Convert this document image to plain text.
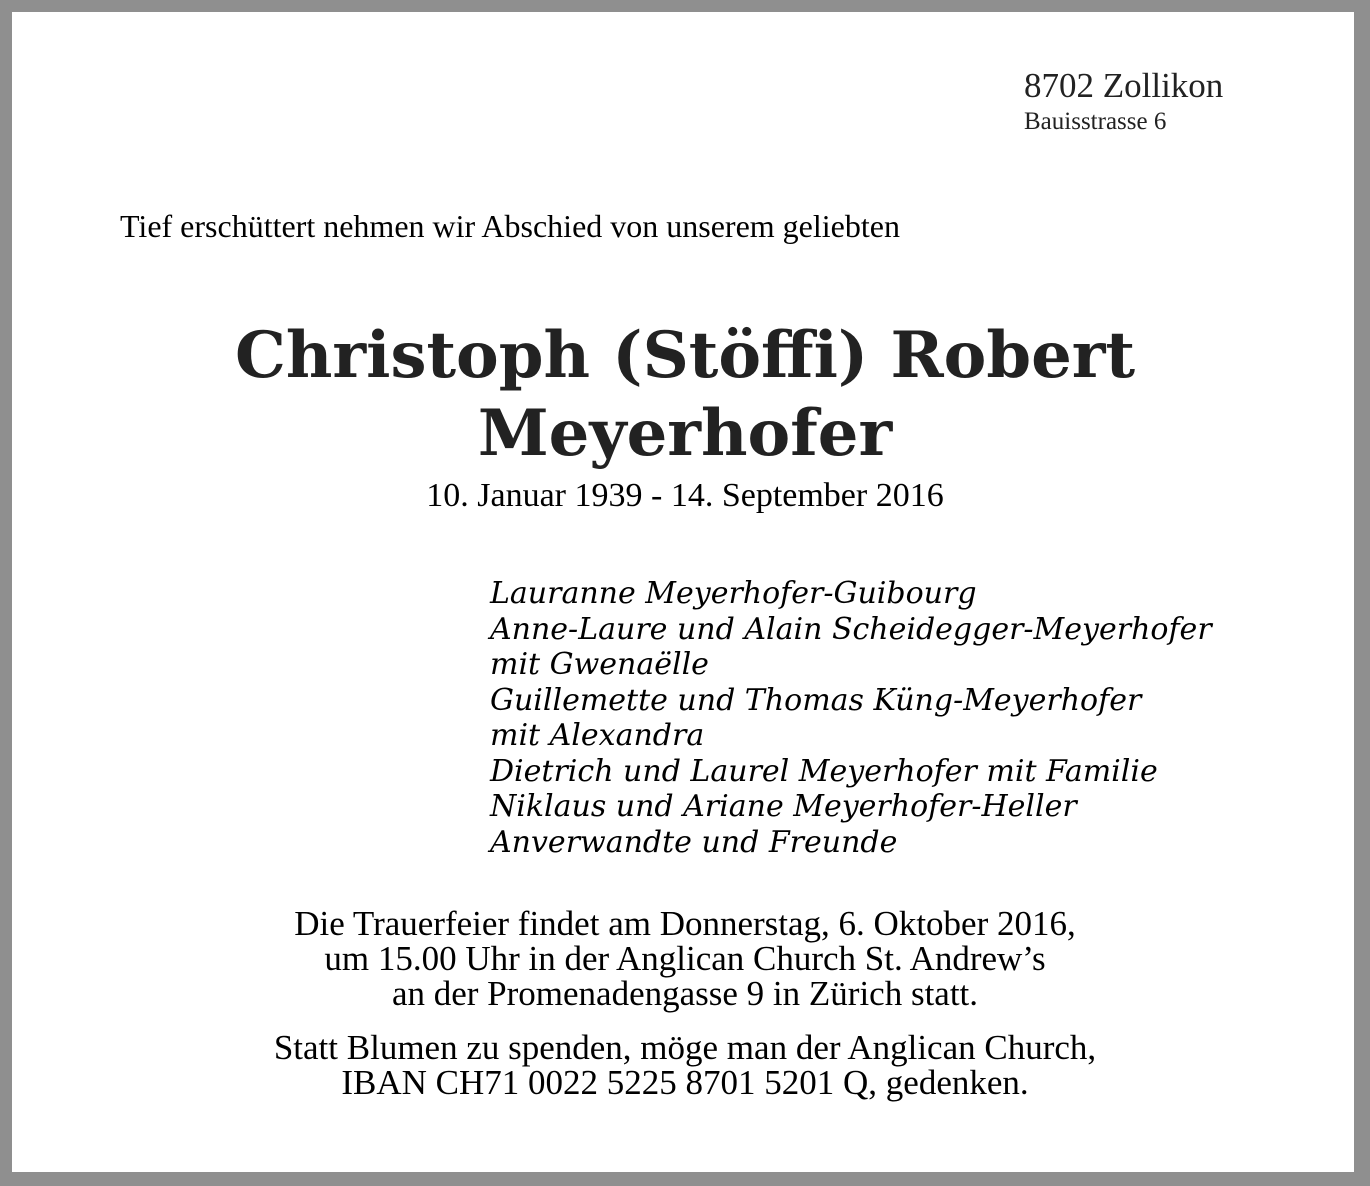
8702 Zollikon
Bauisstrasse 6
Tief erschüttert nehmen wir Abschied von unserem geliebten
Christoph (Stöffi) Robert
Meyerhofer
10. Januar 1939 - 14. September 2016
Lauranne Meyerhofer-Guibourg
Anne-Laure und Alain Scheidegger-Meyerhofer
mit Gwenaëlle
Guillemette und Thomas Küng-Meyerhofer
mit Alexandra
Dietrich und Laurel Meyerhofer mit Familie
Niklaus und Ariane Meyerhofer-Heller
Anverwandte und Freunde
Die Trauerfeier findet am Donnerstag, 6. Oktober 2016,
um 15.00 Uhr in der Anglican Church St. Andrew’s
an der Promenadengasse 9 in Zürich statt.
Statt Blumen zu spenden, möge man der Anglican Church,
IBAN CH71 0022 5225 8701 5201 Q, gedenken.
